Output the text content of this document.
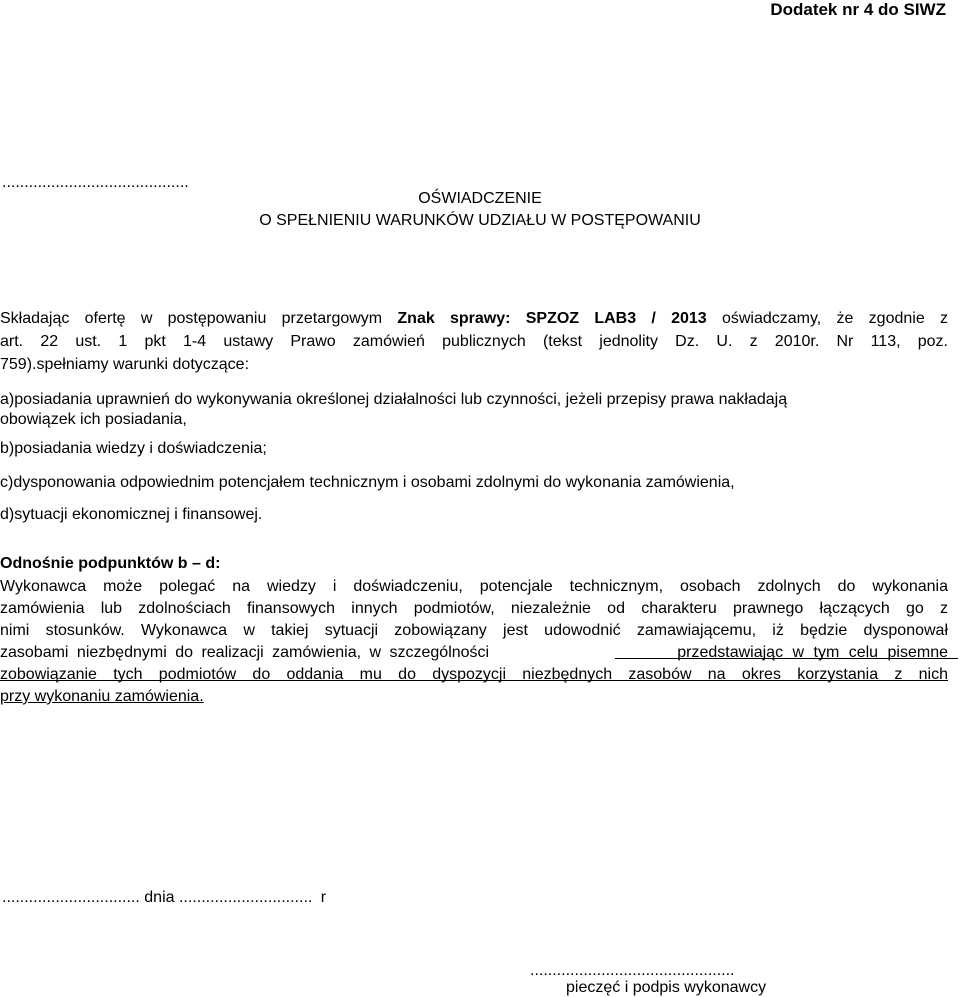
Dodatek nr 4 do SIWZ
..........................................
OŚWIADCZENIE
O SPEŁNIENIU WARUNKÓW UDZIAŁU W POSTĘPOWANIU
Składając ofertę w postępowaniu przetargowym Znak sprawy: SPZOZ LAB3 / 2013 oświadczamy, że zgodnie z
art. 22 ust. 1 pkt 1-4 ustawy Prawo zamówień publicznych (tekst jednolity Dz. U. z 2010r. Nr 113, poz.
759).spełniamy warunki dotyczące:
a)posiadania uprawnień do wykonywania określonej działalności lub czynności, jeżeli przepisy prawa nakładają
obowiązek ich posiadania,
b)posiadania wiedzy i doświadczenia;
c)dysponowania odpowiednim potencjałem technicznym i osobami zdolnymi do wykonania zamówienia,
d)sytuacji ekonomicznej i finansowej.
Odnośnie podpunktów b – d:
Wykonawca może polegać na wiedzy i doświadczeniu, potencjale technicznym, osobach zdolnych do wykonania
zamówienia lub zdolnościach finansowych innych podmiotów, niezależnie od charakteru prawnego łączących go z
nimi stosunków. Wykonawca w takiej sytuacji zobowiązany jest udowodnić zamawiającemu, iż będzie dysponował
zasobami niezbędnymi do realizacji zamówienia, w szczególności	przedstawiając w tym celu pisemne
zobowiązanie tych podmiotów do oddania mu do dyspozycji niezbędnych zasobów na okres korzystania z nich
przy wykonaniu zamówienia.
............................... dnia .............................. r
..............................................
pieczęć i podpis wykonawcy
